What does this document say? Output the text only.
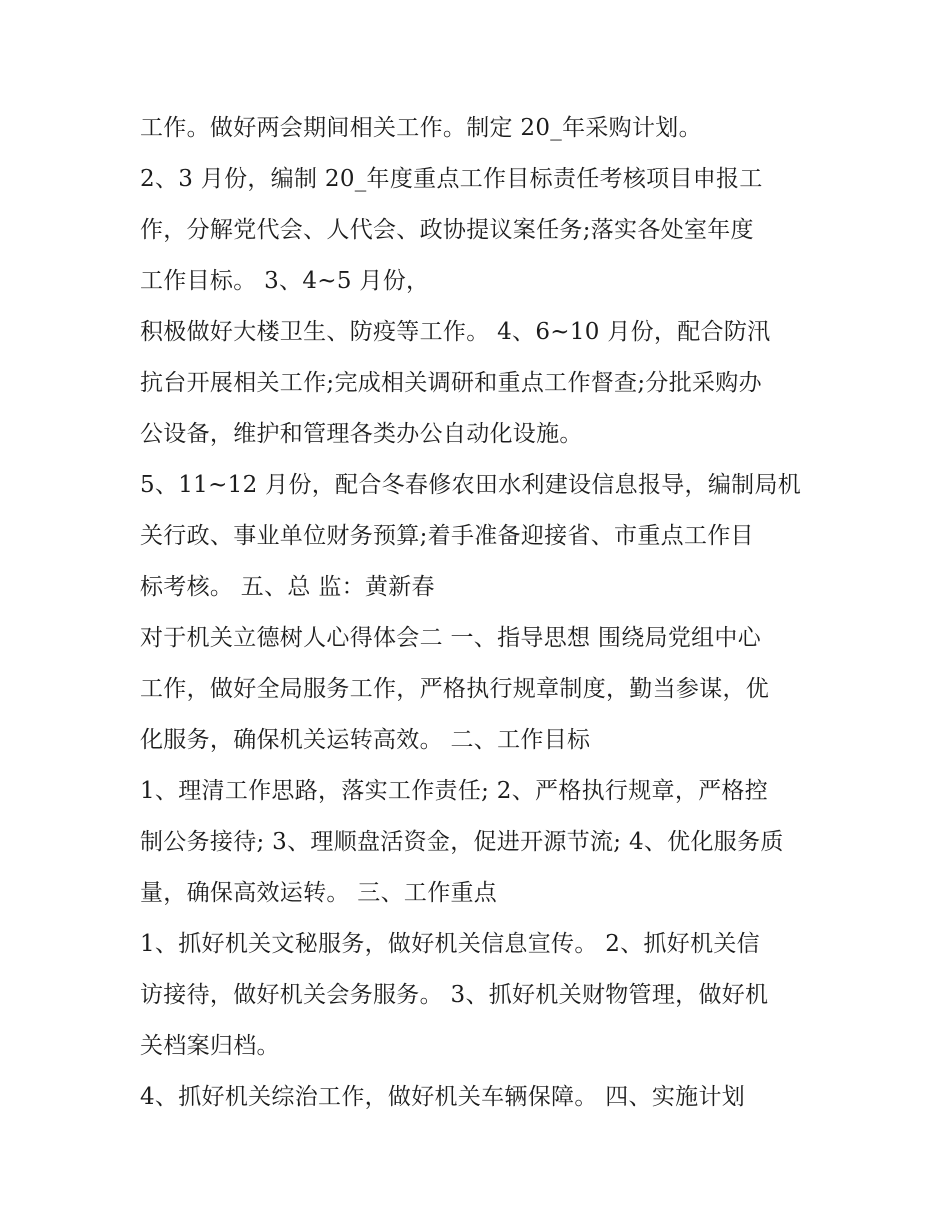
工作。做好两会期间相关工作。制定 20_年采购计划。
2、3 月份，编制 20_年度重点工作目标责任考核项目申报工
作，分解党代会、人代会、政协提议案任务;落实各处室年度
工作目标。 3、4~5 月份，
积极做好大楼卫生、防疫等工作。 4、6~10 月份，配合防汛
抗台开展相关工作;完成相关调研和重点工作督查;分批采购办
公设备，维护和管理各类办公自动化设施。
5、11~12 月份，配合冬春修农田水利建设信息报导，编制局机
关行政、事业单位财务预算;着手准备迎接省、市重点工作目
标考核。 五、总 监：黄新春
对于机关立德树人心得体会二 一、指导思想 围绕局党组中心
工作，做好全局服务工作，严格执行规章制度，勤当参谋，优
化服务，确保机关运转高效。 二、工作目标
1、理清工作思路，落实工作责任; 2、严格执行规章，严格控
制公务接待; 3、理顺盘活资金，促进开源节流; 4、优化服务质
量，确保高效运转。 三、工作重点
1、抓好机关文秘服务，做好机关信息宣传。 2、抓好机关信
访接待，做好机关会务服务。 3、抓好机关财物管理，做好机
关档案归档。
4、抓好机关综治工作，做好机关车辆保障。 四、实施计划
